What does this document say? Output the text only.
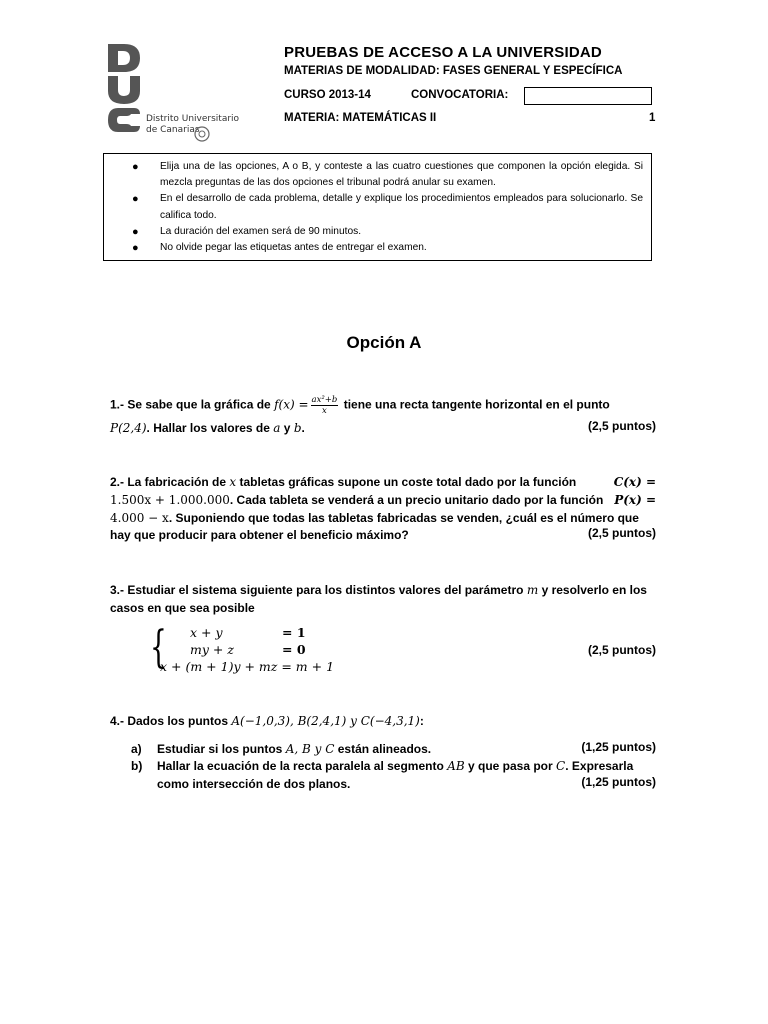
Distrito Universitario
de Canarias
PRUEBAS DE ACCESO A LA UNIVERSIDAD
MATERIAS DE MODALIDAD: FASES GENERAL Y ESPECÍFICA
CURSO 2013-14	CONVOCATORIA:
MATERIA: MATEMÁTICAS II	1
● Elija una de las opciones, A o B, y conteste a las cuatro cuestiones que componen la opción elegida. Si mezcla preguntas de las dos opciones el tribunal podrá anular su examen.
● En el desarrollo de cada problema, detalle y explique los procedimientos empleados para solucionarlo. Se califica todo.
● La duración del examen será de 90 minutos.
● No olvide pegar las etiquetas antes de entregar el examen.
Opción A
1.- Se sabe que la gráfica de $f(x) = \frac{\text{ax²+b}}{x}$ tiene una recta tangente horizontal en el punto
P(2,4). Hallar los valores de a y b.	(2,5 puntos)
2.- La fabricación de x tabletas gráficas supone un coste total dado por la función	C(x) =
1.500x + 1.000.000. Cada tableta se venderá a un precio unitario dado por la función P(x) =
4.000 − x. Suponiendo que todas las tabletas fabricadas se venden, ¿cuál es el número que
hay que producir para obtener el beneficio máximo?	(2,5 puntos)
3.- Estudiar el sistema siguiente para los distintos valores del parámetro m y resolverlo en los
casos en que sea posible
{ x + y	= 1
my + z	= 0
x + (m + 1)y + mz = m + 1
(2,5 puntos)
4.- Dados los puntos A(−1,0,3), B(2,4,1) y C(−4,3,1):
a) Estudiar si los puntos A, B y C están alineados.	(1,25 puntos)
b) Hallar la ecuación de la recta paralela al segmento AB y que pasa por C. Expresarla
como intersección de dos planos.	(1,25 puntos)
